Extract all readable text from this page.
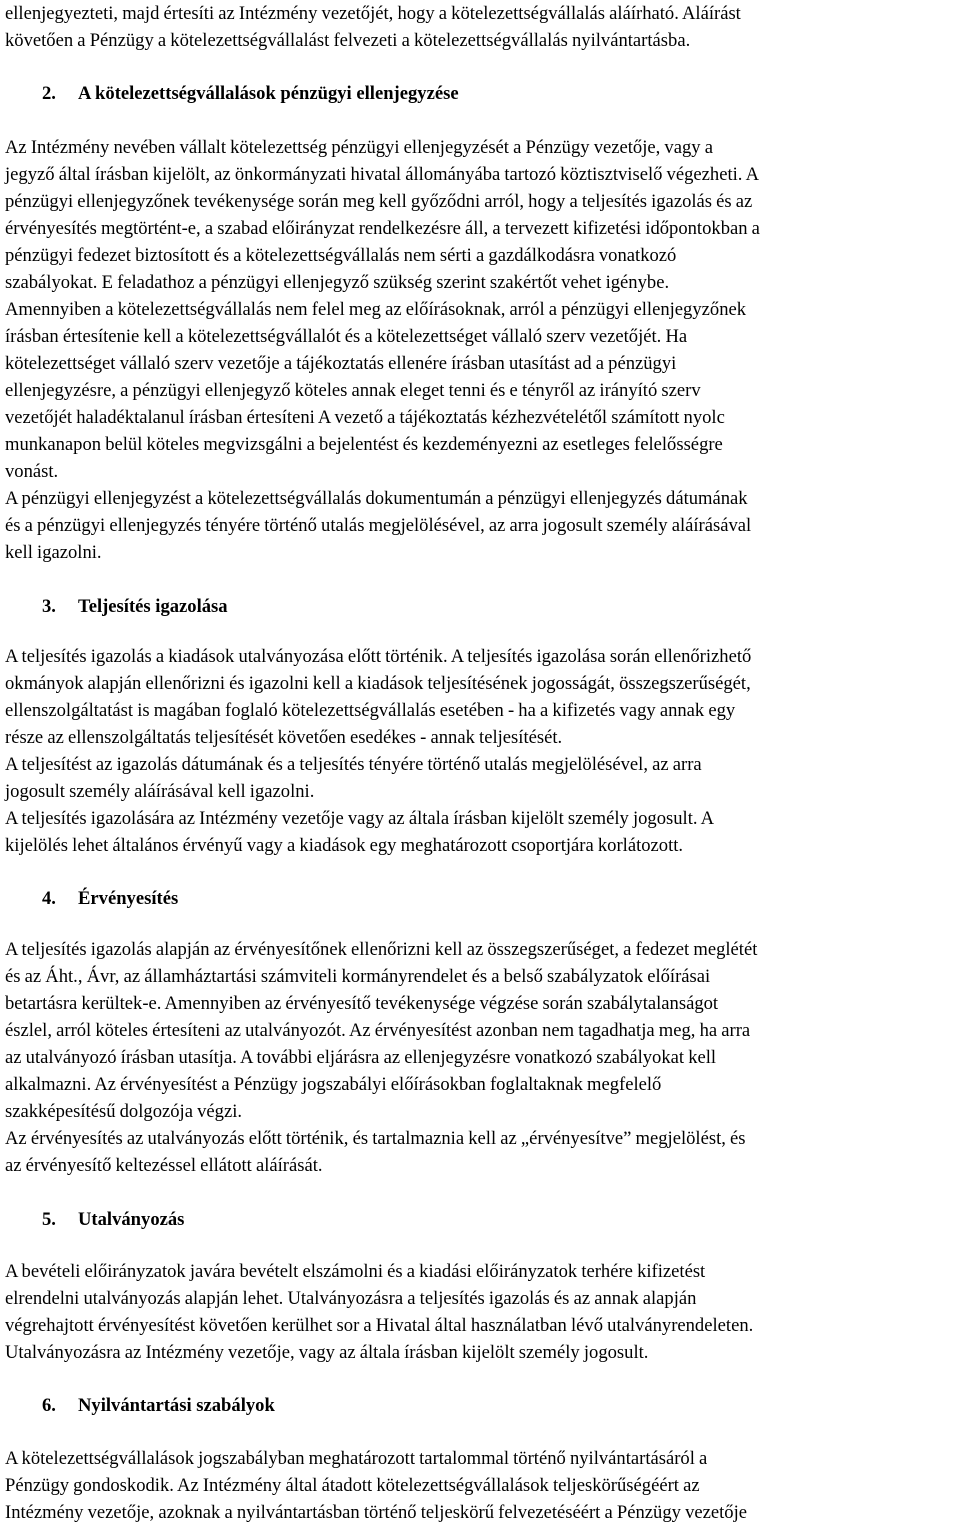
ellenjegyezteti, majd értesíti az Intézmény vezetőjét, hogy a kötelezettségvállalás aláírható. Aláírást
követően a Pénzügy a kötelezettségvállalást felvezeti a kötelezettségvállalás nyilvántartásba.
2. A kötelezettségvállalások pénzügyi ellenjegyzése
Az Intézmény nevében vállalt kötelezettség pénzügyi ellenjegyzését a Pénzügy vezetője, vagy a
jegyző által írásban kijelölt, az önkormányzati hivatal állományába tartozó köztisztviselő végezheti. A
pénzügyi ellenjegyzőnek tevékenysége során meg kell győződni arról, hogy a teljesítés igazolás és az
érvényesítés megtörtént-e, a szabad előirányzat rendelkezésre áll, a tervezett kifizetési időpontokban a
pénzügyi fedezet biztosított és a kötelezettségvállalás nem sérti a gazdálkodásra vonatkozó
szabályokat. E feladathoz a pénzügyi ellenjegyző szükség szerint szakértőt vehet igénybe.
Amennyiben a kötelezettségvállalás nem felel meg az előírásoknak, arról a pénzügyi ellenjegyzőnek
írásban értesítenie kell a kötelezettségvállalót és a kötelezettséget vállaló szerv vezetőjét. Ha
kötelezettséget vállaló szerv vezetője a tájékoztatás ellenére írásban utasítást ad a pénzügyi
ellenjegyzésre, a pénzügyi ellenjegyző köteles annak eleget tenni és e tényről az irányító szerv
vezetőjét haladéktalanul írásban értesíteni A vezető a tájékoztatás kézhezvételétől számított nyolc
munkanapon belül köteles megvizsgálni a bejelentést és kezdeményezni az esetleges felelősségre
vonást.
A pénzügyi ellenjegyzést a kötelezettségvállalás dokumentumán a pénzügyi ellenjegyzés dátumának
és a pénzügyi ellenjegyzés tényére történő utalás megjelölésével, az arra jogosult személy aláírásával
kell igazolni.
3. Teljesítés igazolása
A teljesítés igazolás a kiadások utalványozása előtt történik. A teljesítés igazolása során ellenőrizhető
okmányok alapján ellenőrizni és igazolni kell a kiadások teljesítésének jogosságát, összegszerűségét,
ellenszolgáltatást is magában foglaló kötelezettségvállalás esetében - ha a kifizetés vagy annak egy
része az ellenszolgáltatás teljesítését követően esedékes - annak teljesítését.
A teljesítést az igazolás dátumának és a teljesítés tényére történő utalás megjelölésével, az arra
jogosult személy aláírásával kell igazolni.
A teljesítés igazolására az Intézmény vezetője vagy az általa írásban kijelölt személy jogosult. A
kijelölés lehet általános érvényű vagy a kiadások egy meghatározott csoportjára korlátozott.
4. Érvényesítés
A teljesítés igazolás alapján az érvényesítőnek ellenőrizni kell az összegszerűséget, a fedezet meglétét
és az Áht., Ávr, az államháztartási számviteli kormányrendelet és a belső szabályzatok előírásai
betartásra kerültek-e. Amennyiben az érvényesítő tevékenysége végzése során szabálytalanságot
észlel, arról köteles értesíteni az utalványozót. Az érvényesítést azonban nem tagadhatja meg, ha arra
az utalványozó írásban utasítja. A további eljárásra az ellenjegyzésre vonatkozó szabályokat kell
alkalmazni. Az érvényesítést a Pénzügy jogszabályi előírásokban foglaltaknak megfelelő
szakképesítésű dolgozója végzi.
Az érvényesítés az utalványozás előtt történik, és tartalmaznia kell az „érvényesítve” megjelölést, és
az érvényesítő keltezéssel ellátott aláírását.
5. Utalványozás
A bevételi előirányzatok javára bevételt elszámolni és a kiadási előirányzatok terhére kifizetést
elrendelni utalványozás alapján lehet. Utalványozásra a teljesítés igazolás és az annak alapján
végrehajtott érvényesítést követően kerülhet sor a Hivatal által használatban lévő utalványrendeleten.
Utalványozásra az Intézmény vezetője, vagy az általa írásban kijelölt személy jogosult.
6. Nyilvántartási szabályok
A kötelezettségvállalások jogszabályban meghatározott tartalommal történő nyilvántartásáról a
Pénzügy gondoskodik. Az Intézmény által átadott kötelezettségvállalások teljeskörűségéért az
Intézmény vezetője, azoknak a nyilvántartásban történő teljeskörű felvezetéséért a Pénzügy vezetője
